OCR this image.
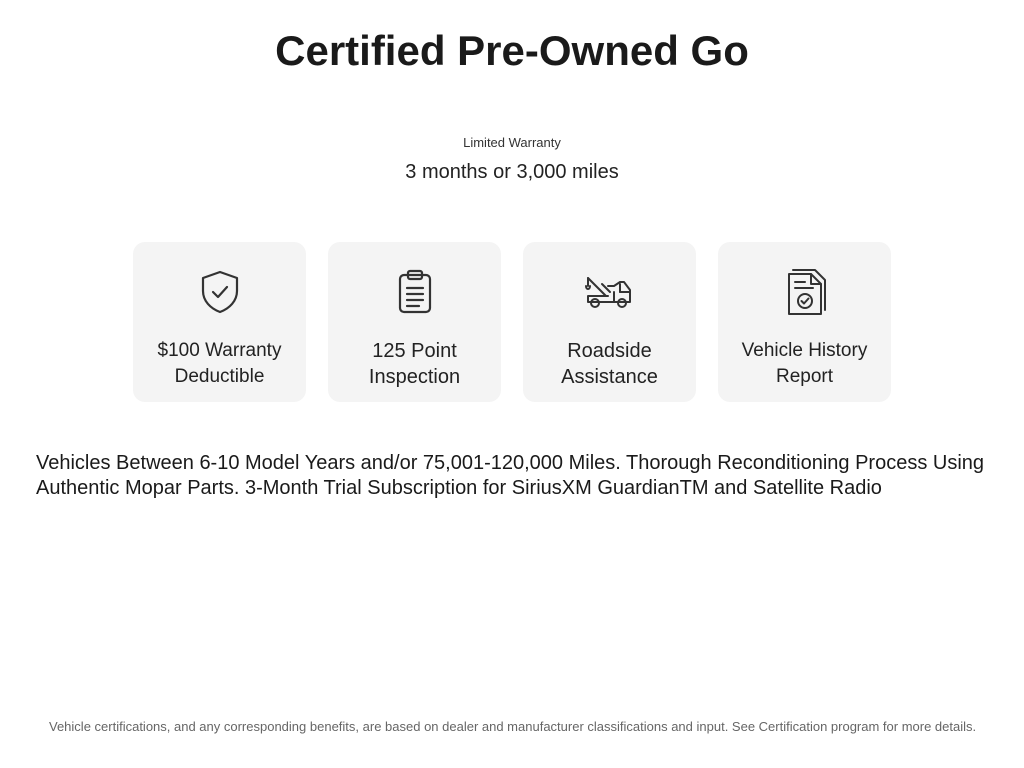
Certified Pre-Owned Go
Limited Warranty
3 months or 3,000 miles
$100 Warranty Deductible
125 Point Inspection
Roadside Assistance
Vehicle History Report

Vehicles Between 6-10 Model Years and/or 75,001-120,000 Miles. Thorough Reconditioning Process Using Authentic Mopar Parts. 3-Month Trial Subscription for SiriusXM GuardianTM and Satellite Radio

Vehicle certifications, and any corresponding benefits, are based on dealer and manufacturer classifications and input. See Certification program for more details.
